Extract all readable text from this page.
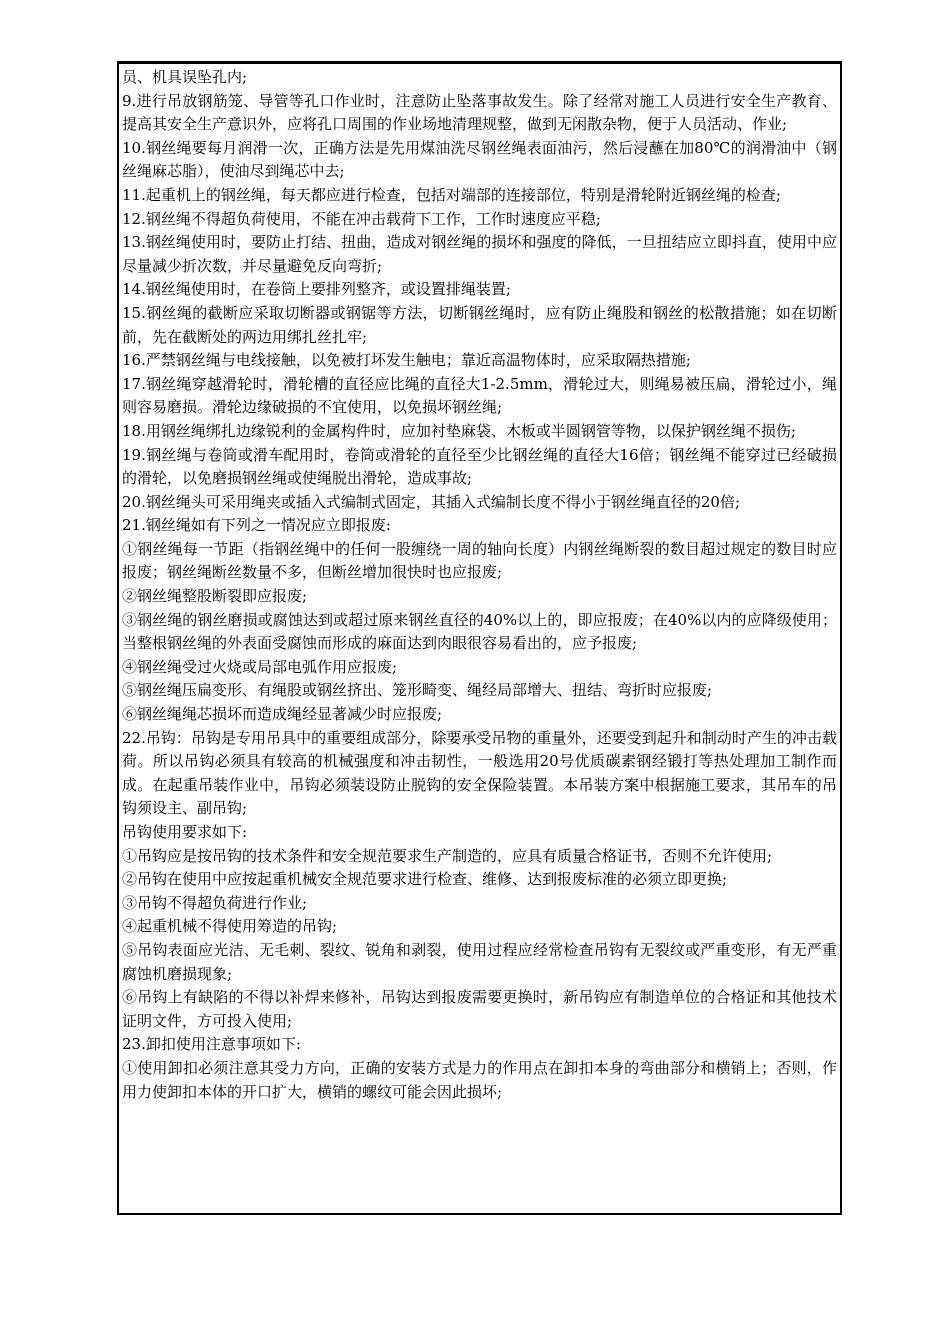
员、机具误坠孔内;

9.进行吊放钢筋笼、导管等孔口作业时，注意防止坠落事故发生。除了经常对施工人员进行安全生产教育、提高其安全生产意识外，应将孔口周围的作业场地清理规整，做到无闲散杂物，便于人员活动、作业;

10.钢丝绳要每月润滑一次，正确方法是先用煤油洗尽钢丝绳表面油污，然后浸蘸在加80℃的润滑油中（钢丝绳麻芯脂），使油尽到绳芯中去;

11.起重机上的钢丝绳，每天都应进行检查，包括对端部的连接部位，特别是滑轮附近钢丝绳的检查;

12.钢丝绳不得超负荷使用，不能在冲击载荷下工作，工作时速度应平稳;

13.钢丝绳使用时，要防止打结、扭曲，造成对钢丝绳的损坏和强度的降低，一旦扭结应立即抖直，使用中应尽量减少折次数，并尽量避免反向弯折;

14.钢丝绳使用时，在卷筒上要排列整齐，或设置排绳装置;

15.钢丝绳的截断应采取切断器或钢锯等方法，切断钢丝绳时，应有防止绳股和钢丝的松散措施；如在切断前，先在截断处的两边用绑扎丝扎牢;

16.严禁钢丝绳与电线接触，以免被打坏发生触电；靠近高温物体时，应采取隔热措施;

17.钢丝绳穿越滑轮时，滑轮槽的直径应比绳的直径大1-2.5mm，滑轮过大，则绳易被压扁，滑轮过小，绳则容易磨损。滑轮边缘破损的不宜使用，以免损坏钢丝绳;

18.用钢丝绳绑扎边缘锐利的金属构件时，应加衬垫麻袋、木板或半圆钢管等物，以保护钢丝绳不损伤;

19.钢丝绳与卷筒或滑车配用时，卷筒或滑轮的直径至少比钢丝绳的直径大16倍；钢丝绳不能穿过已经破损的滑轮，以免磨损钢丝绳或使绳脱出滑轮，造成事故;

20.钢丝绳头可采用绳夹或插入式编制式固定，其插入式编制长度不得小于钢丝绳直径的20倍;

21.钢丝绳如有下列之一情况应立即报废:

①钢丝绳每一节距（指钢丝绳中的任何一股缠绕一周的轴向长度）内钢丝绳断裂的数目超过规定的数目时应报废；钢丝绳断丝数量不多，但断丝增加很快时也应报废;

②钢丝绳整股断裂即应报废;

③钢丝绳的钢丝磨损或腐蚀达到或超过原来钢丝直径的40%以上的，即应报废；在40%以内的应降级使用；当整根钢丝绳的外表面受腐蚀而形成的麻面达到肉眼很容易看出的，应予报废;

④钢丝绳受过火烧或局部电弧作用应报废;

⑤钢丝绳压扁变形、有绳股或钢丝挤出、笼形畸变、绳经局部增大、扭结、弯折时应报废;

⑥钢丝绳绳芯损坏而造成绳经显著减少时应报废;

22.吊钩：吊钩是专用吊具中的重要组成部分，除要承受吊物的重量外，还要受到起升和制动时产生的冲击载荷。所以吊钩必须具有较高的机械强度和冲击韧性，一般选用20号优质碳素钢经锻打等热处理加工制作而成。在起重吊装作业中，吊钩必须装设防止脱钩的安全保险装置。本吊装方案中根据施工要求，其吊车的吊钩须设主、副吊钩;

吊钩使用要求如下:

①吊钩应是按吊钩的技术条件和安全规范要求生产制造的，应具有质量合格证书，否则不允许使用;

②吊钩在使用中应按起重机械安全规范要求进行检查、维修、达到报废标准的必须立即更换;

③吊钩不得超负荷进行作业;

④起重机械不得使用筹造的吊钩;

⑤吊钩表面应光洁、无毛刺、裂纹、锐角和剥裂，使用过程应经常检查吊钩有无裂纹或严重变形，有无严重腐蚀机磨损现象;

⑥吊钩上有缺陷的不得以补焊来修补，吊钩达到报废需要更换时，新吊钩应有制造单位的合格证和其他技术证明文件，方可投入使用;

23.卸扣使用注意事项如下:

①使用卸扣必须注意其受力方向，正确的安装方式是力的作用点在卸扣本身的弯曲部分和横销上；否则，作用力使卸扣本体的开口扩大，横销的螺纹可能会因此损坏;
